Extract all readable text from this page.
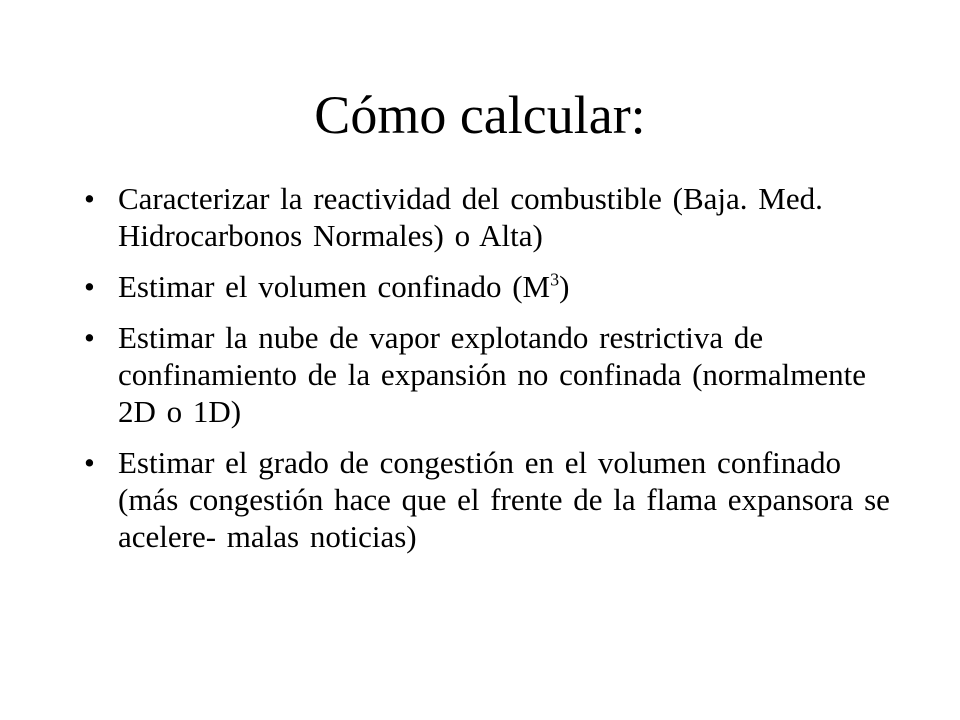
Cómo calcular:
• Caracterizar la reactividad del combustible (Baja. Med. Hidrocarbonos Normales) o Alta)
• Estimar el volumen confinado $(M^3)$
• Estimar la nube de vapor explotando restrictiva de confinamiento de la expansión no confinada (normalmente 2D o 1D)
• Estimar el grado de congestión en el volumen confinado (más congestión hace que el frente de la flama expansora se acelere- malas noticias)
